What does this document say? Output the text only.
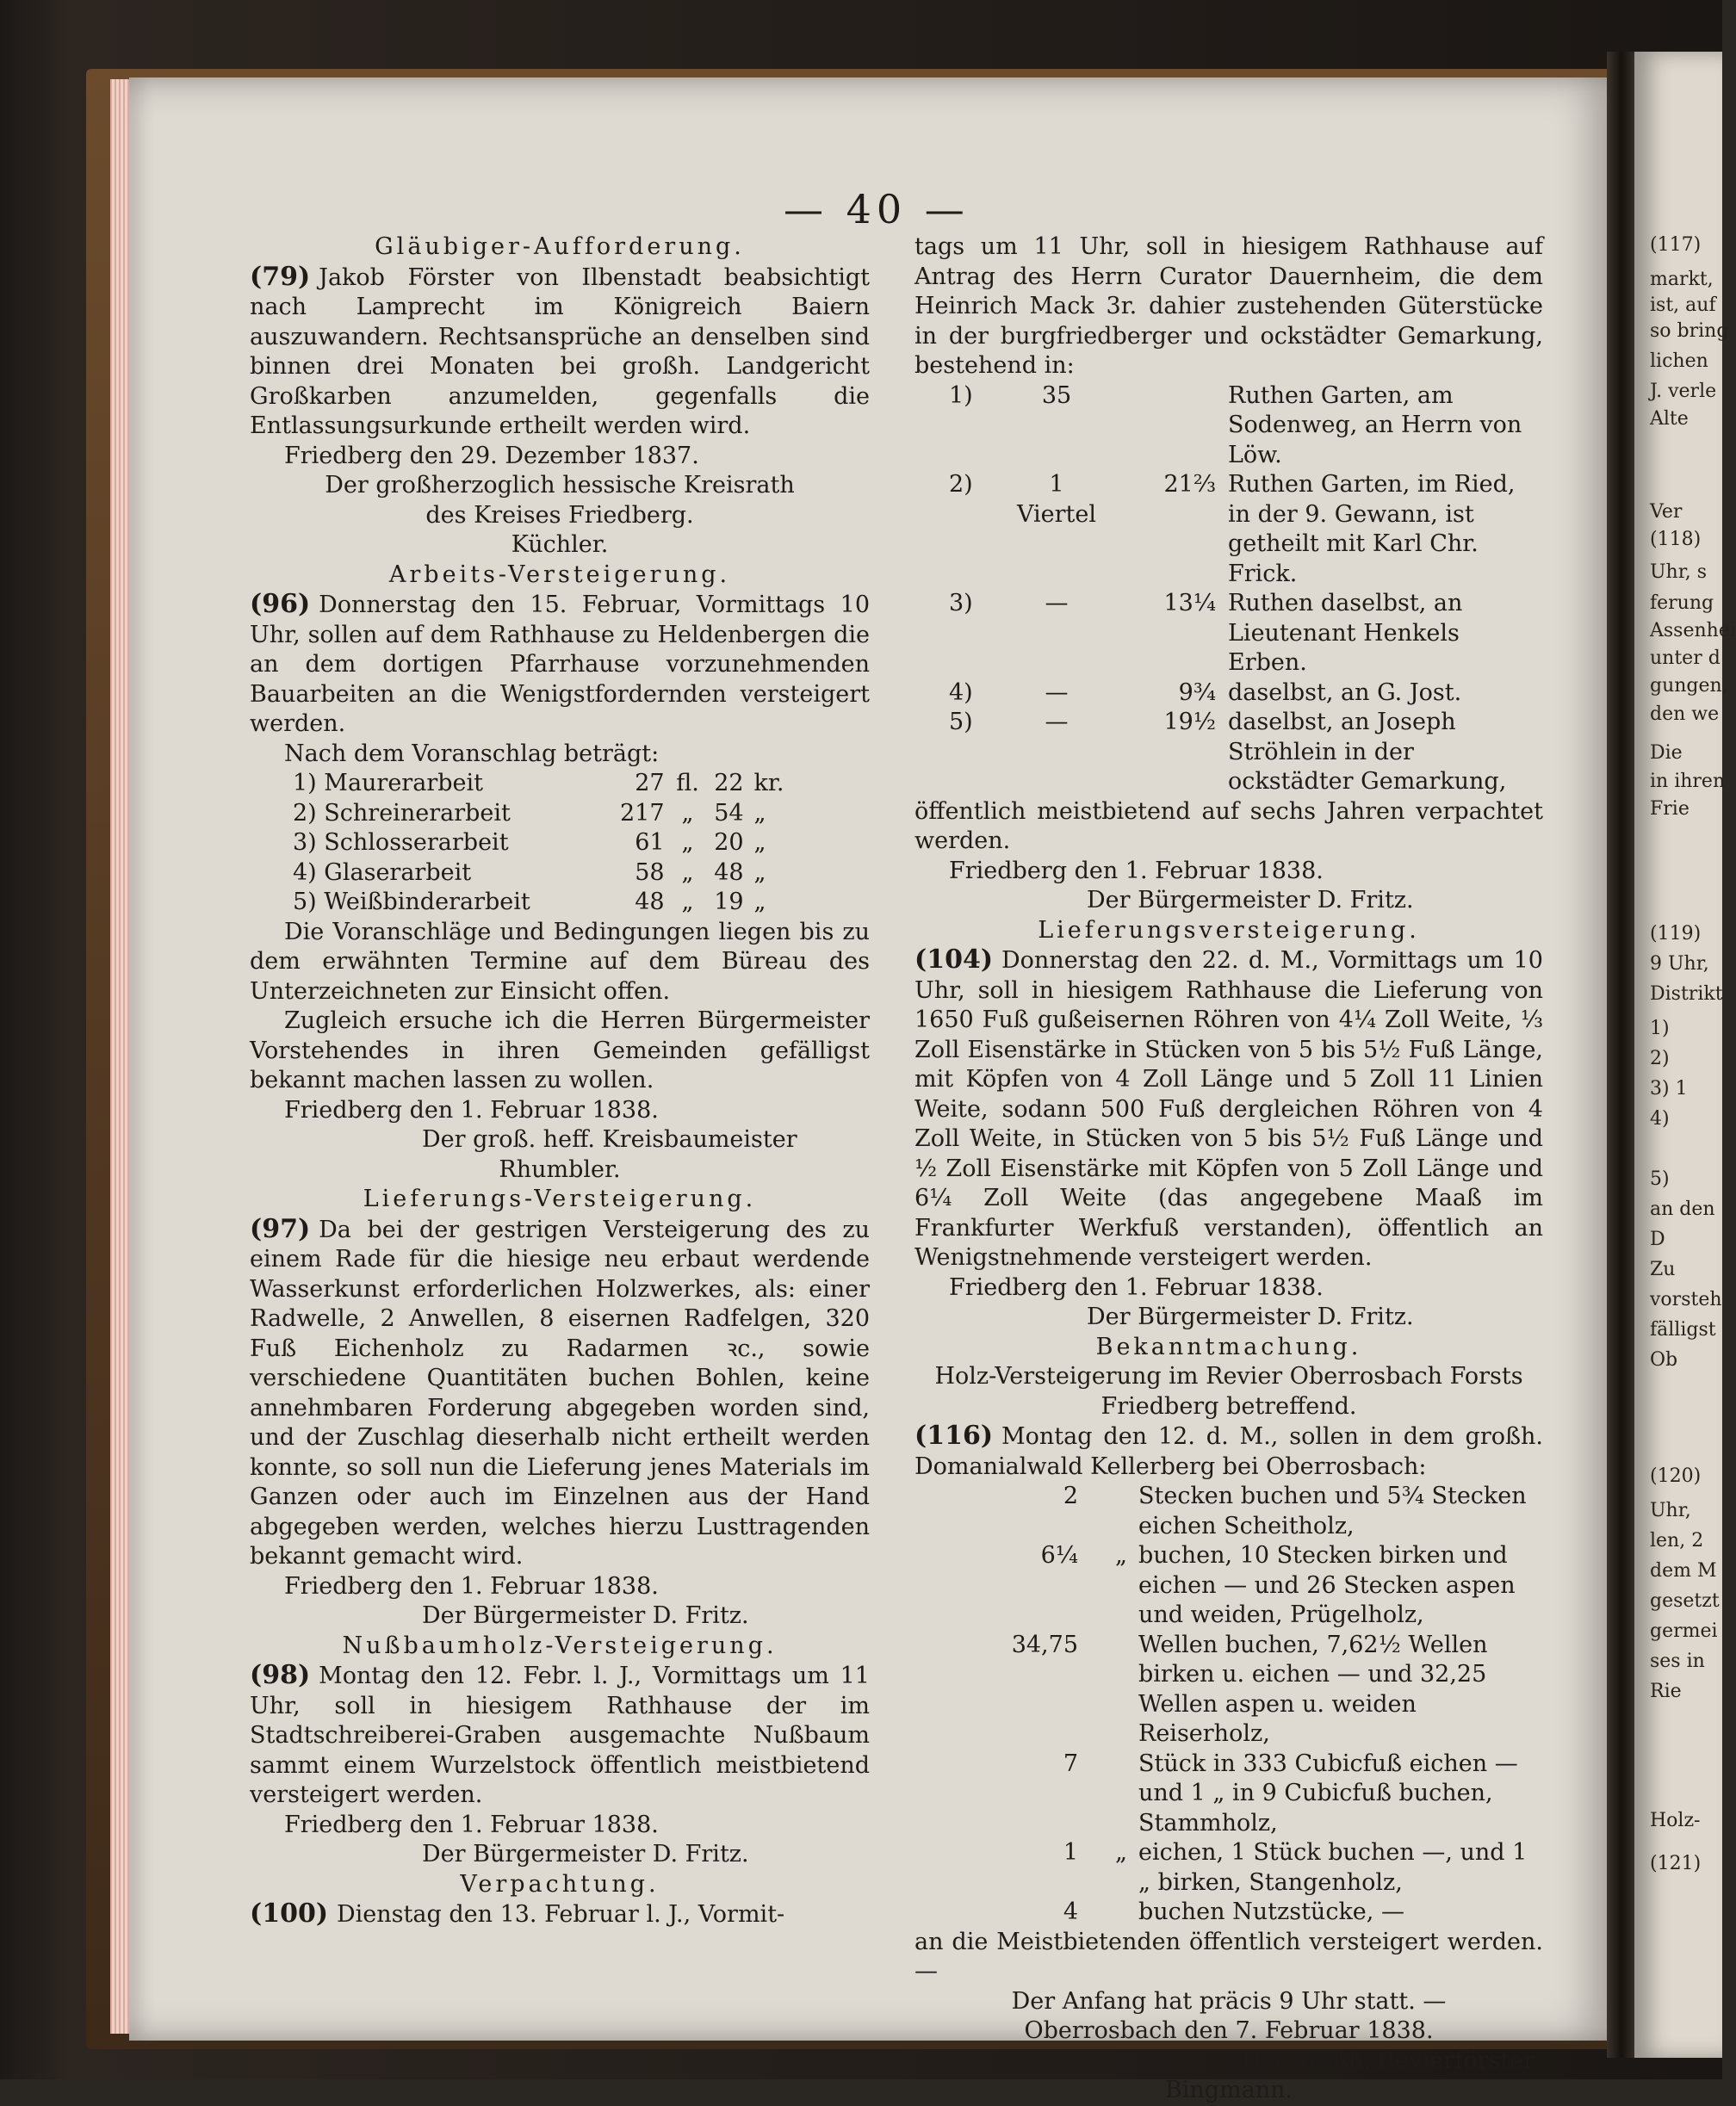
— 40 —

Gläubiger-Aufforderung.

(79) Jakob Förster von Ilbenstadt beabsichtigt nach Lamprecht im Königreich Baiern auszuwandern. Rechtsansprüche an denselben sind binnen drei Monaten bei großh. Landgericht Großkarben anzumelden, gegenfalls die Entlassungsurkunde ertheilt werden wird.

Friedberg den 29. Dezember 1837.

Der großherzoglich hessische Kreisrath

des Kreises Friedberg.

Küchler.

Arbeits-Versteigerung.

(96) Donnerstag den 15. Februar, Vormittags 10 Uhr, sollen auf dem Rathhause zu Heldenbergen die an dem dortigen Pfarrhause vorzunehmenden Bauarbeiten an die Wenigstfordernden versteigert werden.

Nach dem Voranschlag beträgt:

1) Maurerarbeit	27	fl.	22	kr.
2) Schreinerarbeit	217	„	54	„
3) Schlosserarbeit	61	„	20	„
4) Glaserarbeit	58	„	48	„
5) Weißbinderarbeit	48	„	19	„

Die Voranschläge und Bedingungen liegen bis zu dem erwähnten Termine auf dem Büreau des Unterzeichneten zur Einsicht offen.

Zugleich ersuche ich die Herren Bürgermeister Vorstehendes in ihren Gemeinden gefälligst bekannt machen lassen zu wollen.

Friedberg den 1. Februar 1838.

Der groß. heff. Kreisbaumeister

Rhumbler.

Lieferungs-Versteigerung.

(97) Da bei der gestrigen Versteigerung des zu einem Rade für die hiesige neu erbaut werdende Wasserkunst erforderlichen Holzwerkes, als: einer Radwelle, 2 Anwellen, 8 eisernen Radfelgen, 320 Fuß Eichenholz zu Radarmen ꝛc., sowie verschiedene Quantitäten buchen Bohlen, keine annehmbaren Forderung abgegeben worden sind, und der Zuschlag dieserhalb nicht ertheilt werden konnte, so soll nun die Lieferung jenes Materials im Ganzen oder auch im Einzelnen aus der Hand abgegeben werden, welches hierzu Lusttragenden bekannt gemacht wird.

Friedberg den 1. Februar 1838.

Der Bürgermeister D. Fritz.

Nußbaumholz-Versteigerung.

(98) Montag den 12. Febr. l. J., Vormittags um 11 Uhr, soll in hiesigem Rathhause der im Stadtschreiberei-Graben ausgemachte Nußbaum sammt einem Wurzelstock öffentlich meistbietend versteigert werden.

Friedberg den 1. Februar 1838.

Der Bürgermeister D. Fritz.

Verpachtung.

(100) Dienstag den 13. Februar l. J., Vormit-

tags um 11 Uhr, soll in hiesigem Rathhause auf Antrag des Herrn Curator Dauernheim, die dem Heinrich Mack 3r. dahier zustehenden Güterstücke in der burgfriedberger und ockstädter Gemarkung, bestehend in:

1)	35		Ruthen Garten, am Sodenweg, an Herrn von Löw.
2)	1 Viertel	21⅔	Ruthen Garten, im Ried, in der 9. Gewann, ist getheilt mit Karl Chr. Frick.
3)	—	13¼	Ruthen daselbst, an Lieutenant Henkels Erben.
4)	—	9¾	daselbst, an G. Jost.
5)	—	19½	daselbst, an Joseph Ströhlein in der ockstädter Gemarkung,

öffentlich meistbietend auf sechs Jahren verpachtet werden.

Friedberg den 1. Februar 1838.

Der Bürgermeister D. Fritz.

Lieferungsversteigerung.

(104) Donnerstag den 22. d. M., Vormittags um 10 Uhr, soll in hiesigem Rathhause die Lieferung von 1650 Fuß gußeisernen Röhren von 4¼ Zoll Weite, ⅓ Zoll Eisenstärke in Stücken von 5 bis 5½ Fuß Länge, mit Köpfen von 4 Zoll Länge und 5 Zoll 11 Linien Weite, sodann 500 Fuß dergleichen Röhren von 4 Zoll Weite, in Stücken von 5 bis 5½ Fuß Länge und ½ Zoll Eisenstärke mit Köpfen von 5 Zoll Länge und 6¼ Zoll Weite (das angegebene Maaß im Frankfurter Werkfuß verstanden), öffentlich an Wenigstnehmende versteigert werden.

Friedberg den 1. Februar 1838.

Der Bürgermeister D. Fritz.

Bekanntmachung.

Holz-Versteigerung im Revier Oberrosbach Forsts Friedberg betreffend.

(116) Montag den 12. d. M., sollen in dem großh. Domanialwald Kellerberg bei Oberrosbach:

2		Stecken buchen und 5¾ Stecken eichen Scheitholz,
6¼	„	buchen, 10 Stecken birken und eichen — und 26 Stecken aspen und weiden, Prügelholz,
34,75		Wellen buchen, 7,62½ Wellen birken u. eichen — und 32,25 Wellen aspen u. weiden Reiserholz,
7		Stück in 333 Cubicfuß eichen — und 1 „ in 9 Cubicfuß buchen, Stammholz,
1	„	eichen, 1 Stück buchen —, und 1 „ birken, Stangenholz,
4		buchen Nutzstücke, —

an die Meistbietenden öffentlich versteigert werden. —

Der Anfang hat präcis 9 Uhr statt. —

Oberrosbach den 7. Februar 1838.

Der großh. Revierförster

Bingmann.

(117)
markt,
ist, auf
so bring
lichen
J. verle
Alte
Ver
(118)
Uhr, s
ferung
Assenhei
unter d
gungen,
den we
Die
in ihren
Frie
(119)
9 Uhr,
Distrikt
1)
2)
3) 1
4)
5)
an den
D
Zu
vorsteh
fälligst
Ob
(120)
Uhr,
len, 2
dem M
gesetzt
germei
ses in
Rie
Holz-
(121)
